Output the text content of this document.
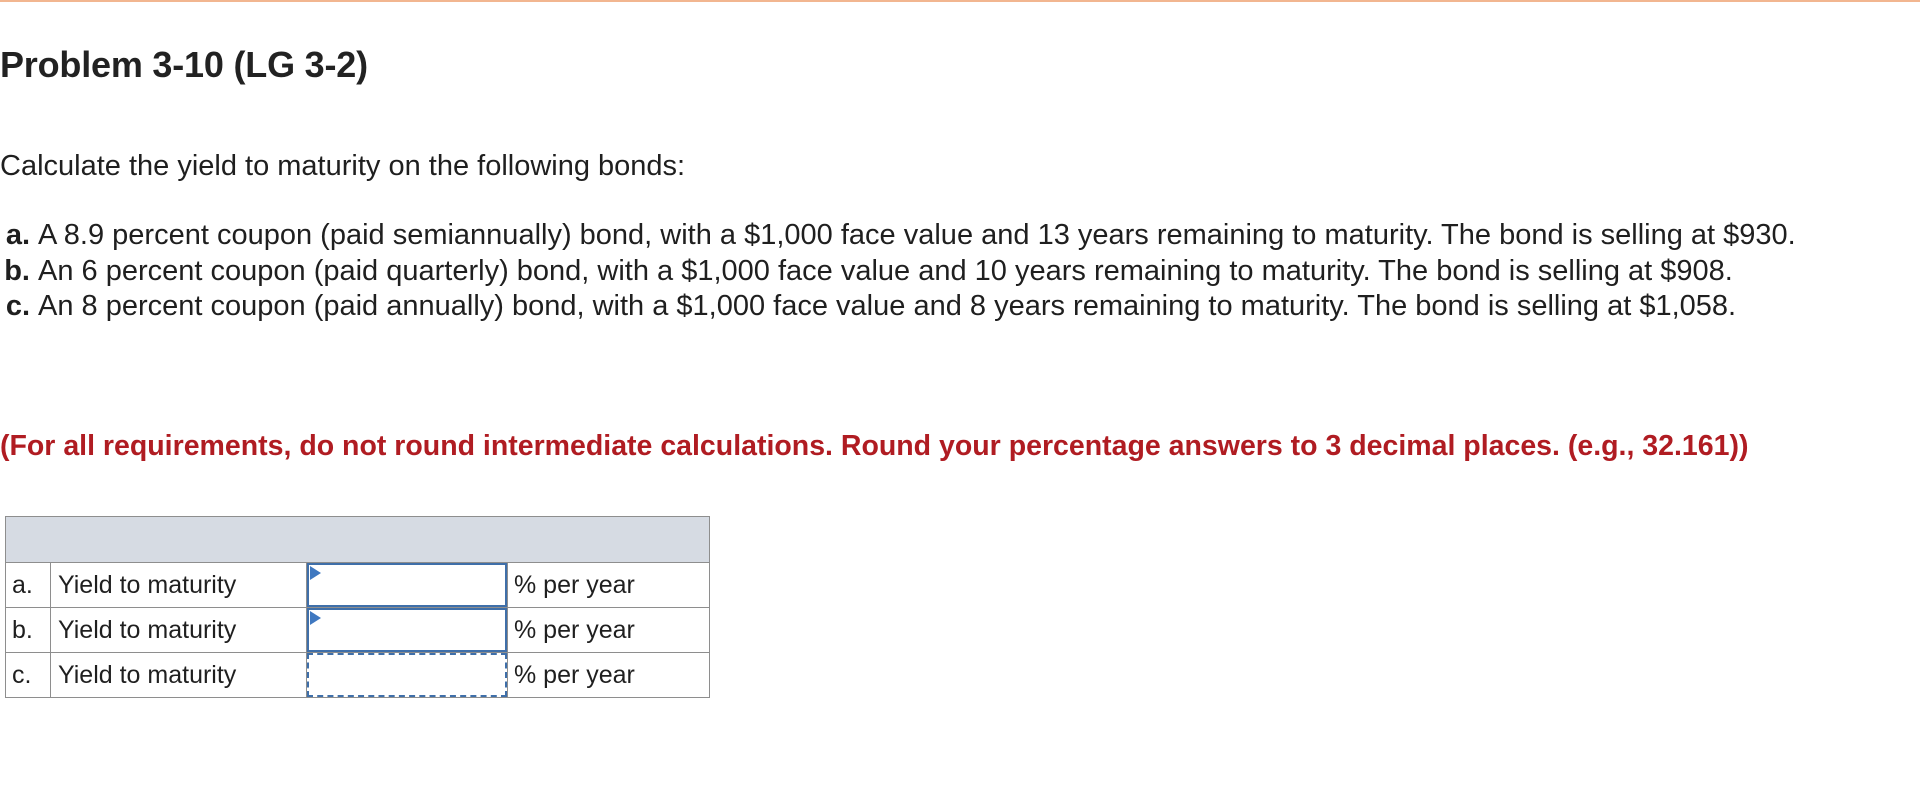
Problem 3-10 (LG 3-2)

Calculate the yield to maturity on the following bonds:

a. A 8.9 percent coupon (paid semiannually) bond, with a $1,000 face value and 13 years remaining to maturity. The bond is selling at $930.
b. An 6 percent coupon (paid quarterly) bond, with a $1,000 face value and 10 years remaining to maturity. The bond is selling at $908.
c. An 8 percent coupon (paid annually) bond, with a $1,000 face value and 8 years remaining to maturity. The bond is selling at $1,058.

(For all requirements, do not round intermediate calculations. Round your percentage answers to 3 decimal places. (e.g., 32.161))

a.	Yield to maturity		% per year
b.	Yield to maturity		% per year
c.	Yield to maturity		% per year
